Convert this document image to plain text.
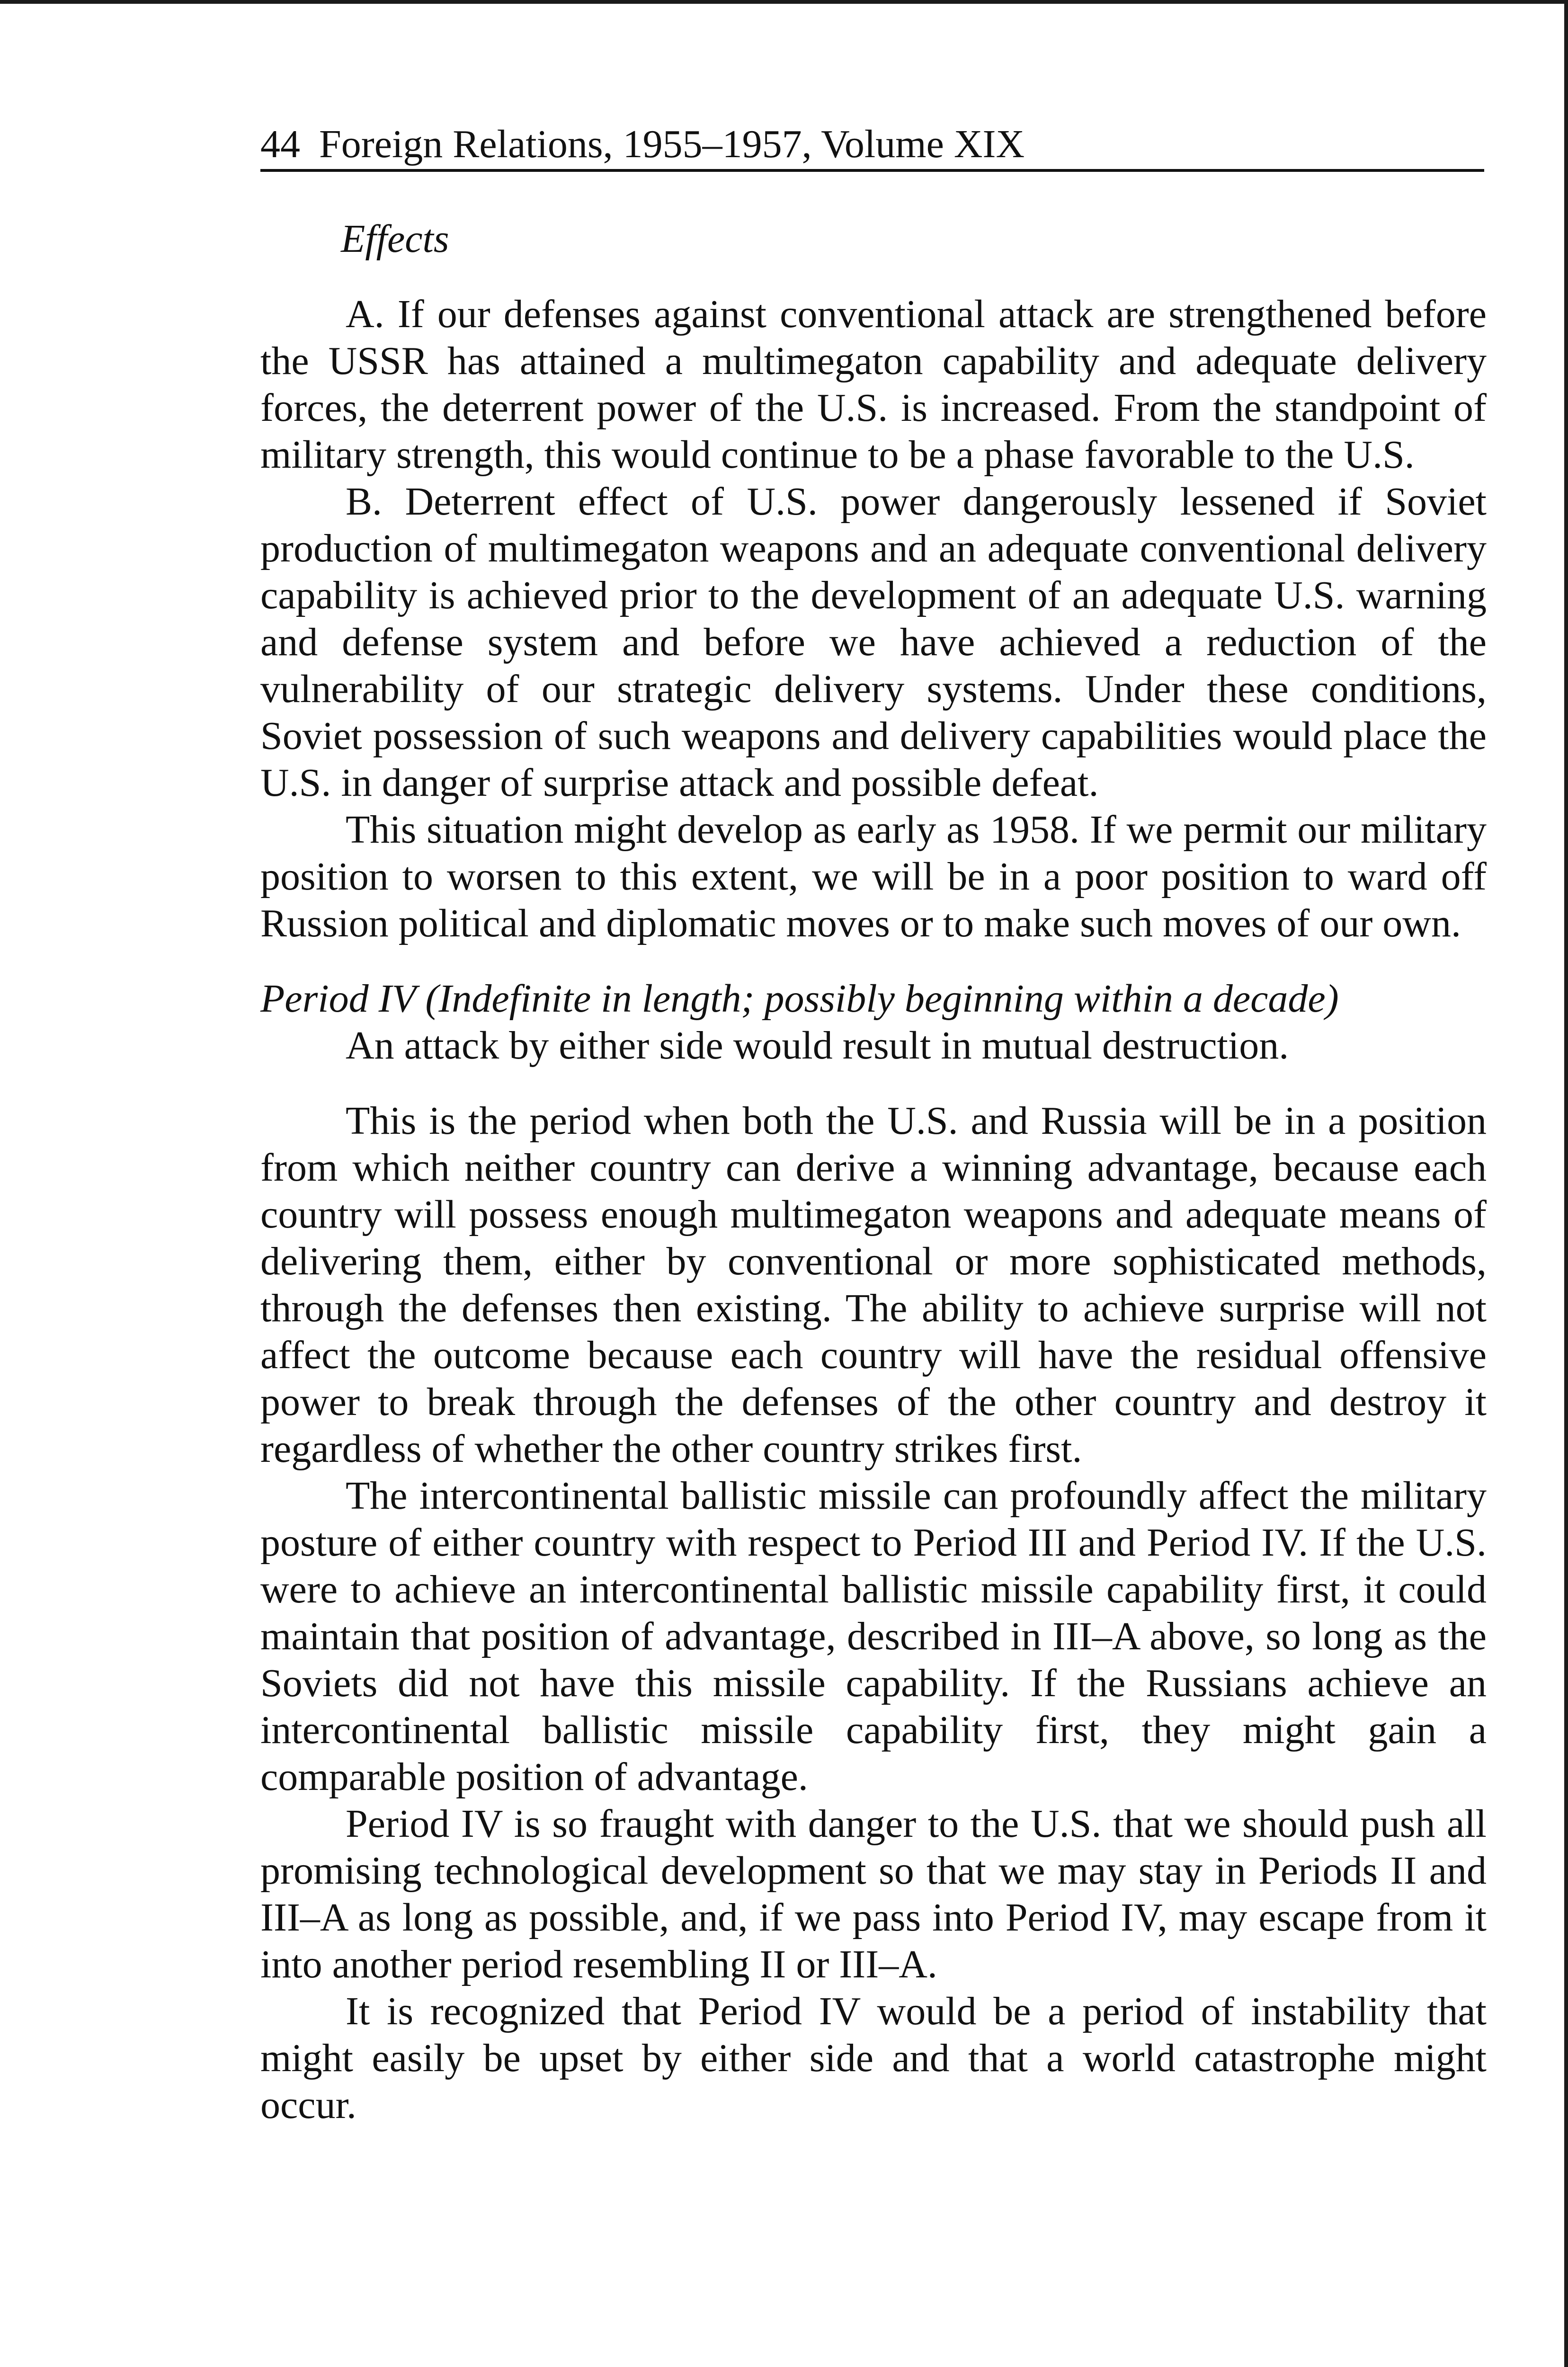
44 Foreign Relations, 1955–1957, Volume XIX

Effects

A. If our defenses against conventional attack are strengthened before the USSR has attained a multimegaton capability and adequate delivery forces, the deterrent power of the U.S. is increased. From the standpoint of military strength, this would continue to be a phase favorable to the U.S.

B. Deterrent effect of U.S. power dangerously lessened if Soviet production of multimegaton weapons and an adequate conventional delivery capability is achieved prior to the development of an adequate U.S. warning and defense system and before we have achieved a reduction of the vulnerability of our strategic delivery systems. Under these conditions, Soviet possession of such weapons and delivery capabilities would place the U.S. in danger of surprise attack and possible defeat.

This situation might develop as early as 1958. If we permit our military position to worsen to this extent, we will be in a poor position to ward off Russion political and diplomatic moves or to make such moves of our own.

Period IV (Indefinite in length; possibly beginning within a decade)

An attack by either side would result in mutual destruction.

This is the period when both the U.S. and Russia will be in a position from which neither country can derive a winning advantage, because each country will possess enough multimegaton weapons and adequate means of delivering them, either by conventional or more sophisticated methods, through the defenses then existing. The ability to achieve surprise will not affect the outcome because each country will have the residual offensive power to break through the defenses of the other country and destroy it regardless of whether the other country strikes first.

The intercontinental ballistic missile can profoundly affect the military posture of either country with respect to Period III and Period IV. If the U.S. were to achieve an intercontinental ballistic missile capability first, it could maintain that position of advantage, described in III–A above, so long as the Soviets did not have this missile capability. If the Russians achieve an intercontinental ballistic missile capability first, they might gain a comparable position of advantage.

Period IV is so fraught with danger to the U.S. that we should push all promising technological development so that we may stay in Periods II and III–A as long as possible, and, if we pass into Period IV, may escape from it into another period resembling II or III–A.

It is recognized that Period IV would be a period of instability that might easily be upset by either side and that a world catastrophe might occur.
